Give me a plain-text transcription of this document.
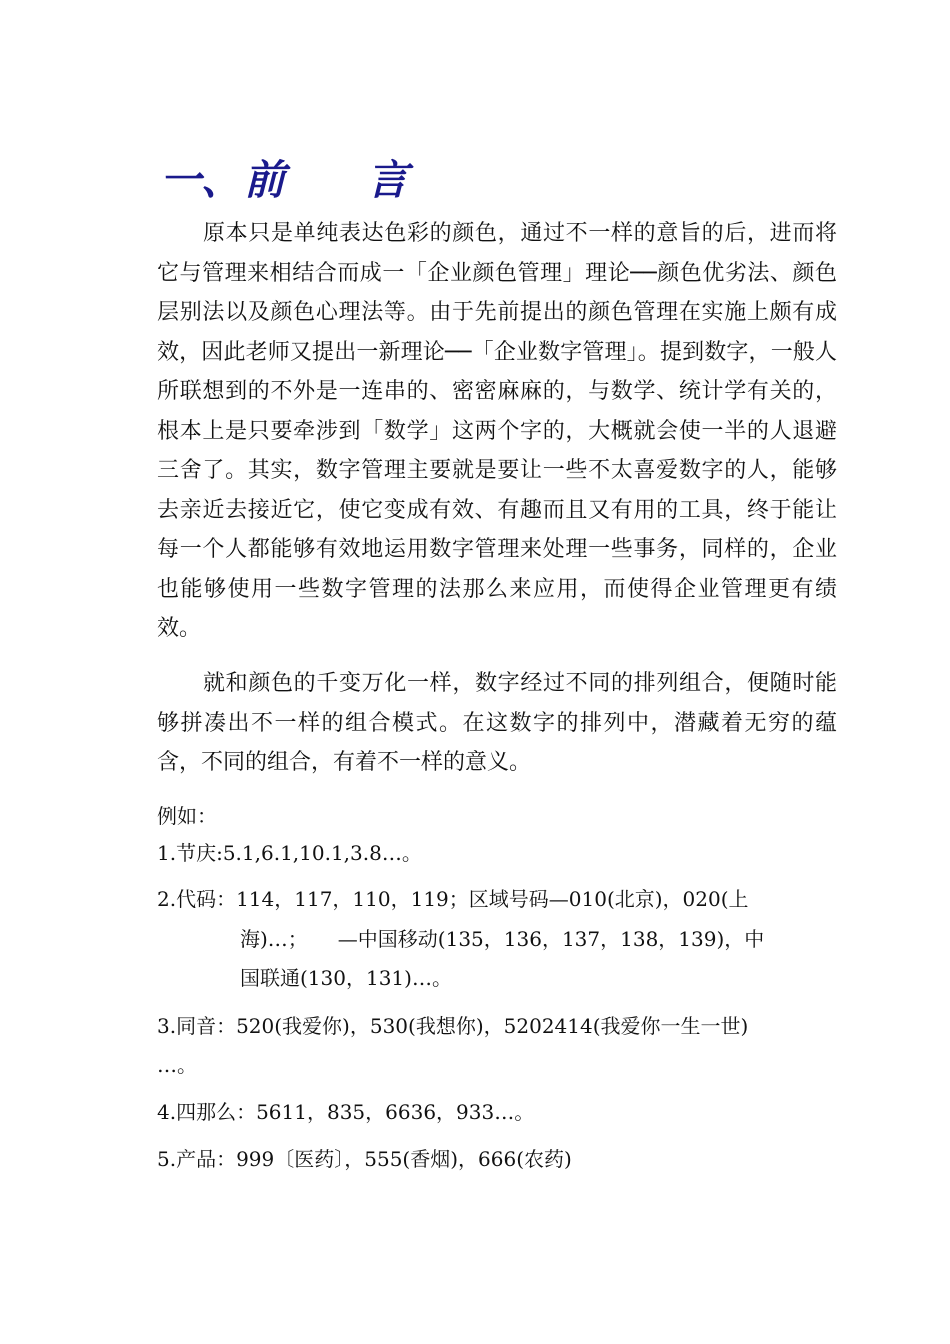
一、前 言

原本只是单纯表达色彩的颜色，通过不一样的意旨的后，进而将它与管理来相结合而成一「企业颜色管理」理论──颜色优劣法、颜色层别法以及颜色心理法等。由于先前提出的颜色管理在实施上颇有成效，因此老师又提出一新理论──「企业数字管理」。提到数字，一般人所联想到的不外是一连串的、密密麻麻的，与数学、统计学有关的，根本上是只要牵涉到「数学」这两个字的，大概就会使一半的人退避三舍了。其实，数字管理主要就是要让一些不太喜爱数字的人，能够去亲近去接近它，使它变成有效、有趣而且又有用的工具，终于能让每一个人都能够有效地运用数字管理来处理一些事务，同样的，企业也能够使用一些数字管理的法那么来应用，而使得企业管理更有绩效。

就和颜色的千变万化一样，数字经过不同的排列组合，便随时能够拼凑出不一样的组合模式。在这数字的排列中，潜藏着无穷的蕴含，不同的组合，有着不一样的意义。

例如：

1.节庆:5.1,6.1,10.1,3.8…。

2.代码：114，117，110，119；区域号码—010(北京)，020(上

海)…；　　—中国移动(135，136，137，138，139)，中

国联通(130，131)…。

3.同音：520(我爱你)，530(我想你)，5202414(我爱你一生一世)

…。

4.四那么：5611，835，6636，933…。

5.产品：999〔医药〕，555(香烟)，666(农药)
